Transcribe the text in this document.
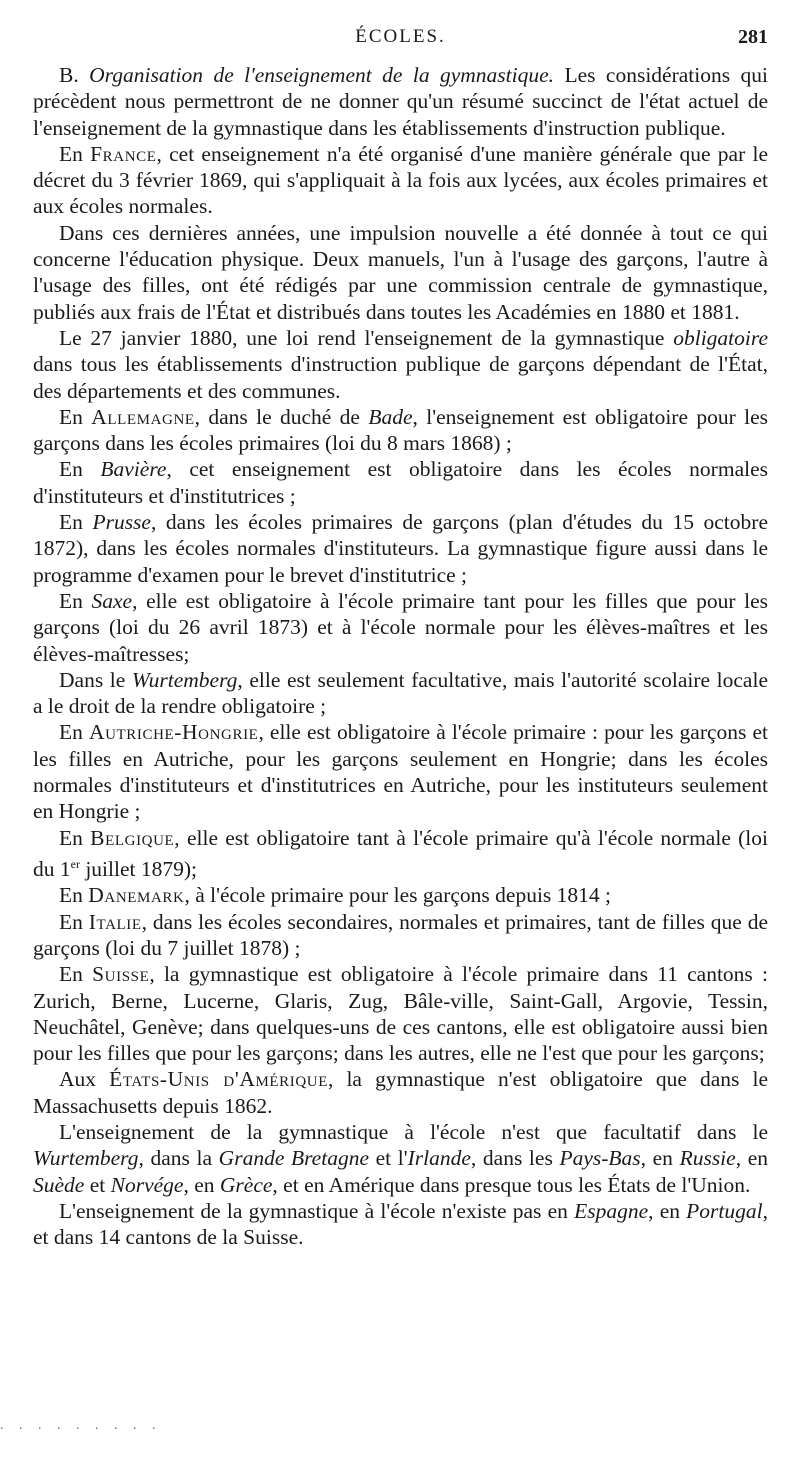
ÉCOLES.	281

B. Organisation de l'enseignement de la gymnastique. Les considérations qui précèdent nous permettront de ne donner qu'un résumé succinct de l'état actuel de l'enseignement de la gymnastique dans les établissements d'instruction publique.

En France, cet enseignement n'a été organisé d'une manière générale que par le décret du 3 février 1869, qui s'appliquait à la fois aux lycées, aux écoles primaires et aux écoles normales.

Dans ces dernières années, une impulsion nouvelle a été donnée à tout ce qui concerne l'éducation physique. Deux manuels, l'un à l'usage des garçons, l'autre à l'usage des filles, ont été rédigés par une commission centrale de gymnastique, publiés aux frais de l'État et distribués dans toutes les Académies en 1880 et 1881.

Le 27 janvier 1880, une loi rend l'enseignement de la gymnastique obligatoire dans tous les établissements d'instruction publique de garçons dépendant de l'État, des départements et des communes.

En Allemagne, dans le duché de Bade, l'enseignement est obligatoire pour les garçons dans les écoles primaires (loi du 8 mars 1868) ;

En Bavière, cet enseignement est obligatoire dans les écoles normales d'instituteurs et d'institutrices ;

En Prusse, dans les écoles primaires de garçons (plan d'études du 15 octobre 1872), dans les écoles normales d'instituteurs. La gymnastique figure aussi dans le programme d'examen pour le brevet d'institutrice ;

En Saxe, elle est obligatoire à l'école primaire tant pour les filles que pour les garçons (loi du 26 avril 1873) et à l'école normale pour les élèves-maîtres et les élèves-maîtresses;

Dans le Wurtemberg, elle est seulement facultative, mais l'autorité scolaire locale a le droit de la rendre obligatoire ;

En Autriche-Hongrie, elle est obligatoire à l'école primaire : pour les garçons et les filles en Autriche, pour les garçons seulement en Hongrie; dans les écoles normales d'instituteurs et d'institutrices en Autriche, pour les instituteurs seulement en Hongrie ;

En Belgique, elle est obligatoire tant à l'école primaire qu'à l'école normale (loi du 1er juillet 1879);

En Danemark, à l'école primaire pour les garçons depuis 1814 ;

En Italie, dans les écoles secondaires, normales et primaires, tant de filles que de garçons (loi du 7 juillet 1878) ;

En Suisse, la gymnastique est obligatoire à l'école primaire dans 11 cantons : Zurich, Berne, Lucerne, Glaris, Zug, Bâle-ville, Saint-Gall, Argovie, Tessin, Neuchâtel, Genève; dans quelques-uns de ces cantons, elle est obligatoire aussi bien pour les filles que pour les garçons; dans les autres, elle ne l'est que pour les garçons;

Aux États-Unis d'Amérique, la gymnastique n'est obligatoire que dans le Massachusetts depuis 1862.

L'enseignement de la gymnastique à l'école n'est que facultatif dans le Wurtemberg, dans la Grande Bretagne et l'Irlande, dans les Pays-Bas, en Russie, en Suède et Norvége, en Grèce, et en Amérique dans presque tous les États de l'Union.

L'enseignement de la gymnastique à l'école n'existe pas en Espagne, en Portugal, et dans 14 cantons de la Suisse.

. . . . . . . . .
